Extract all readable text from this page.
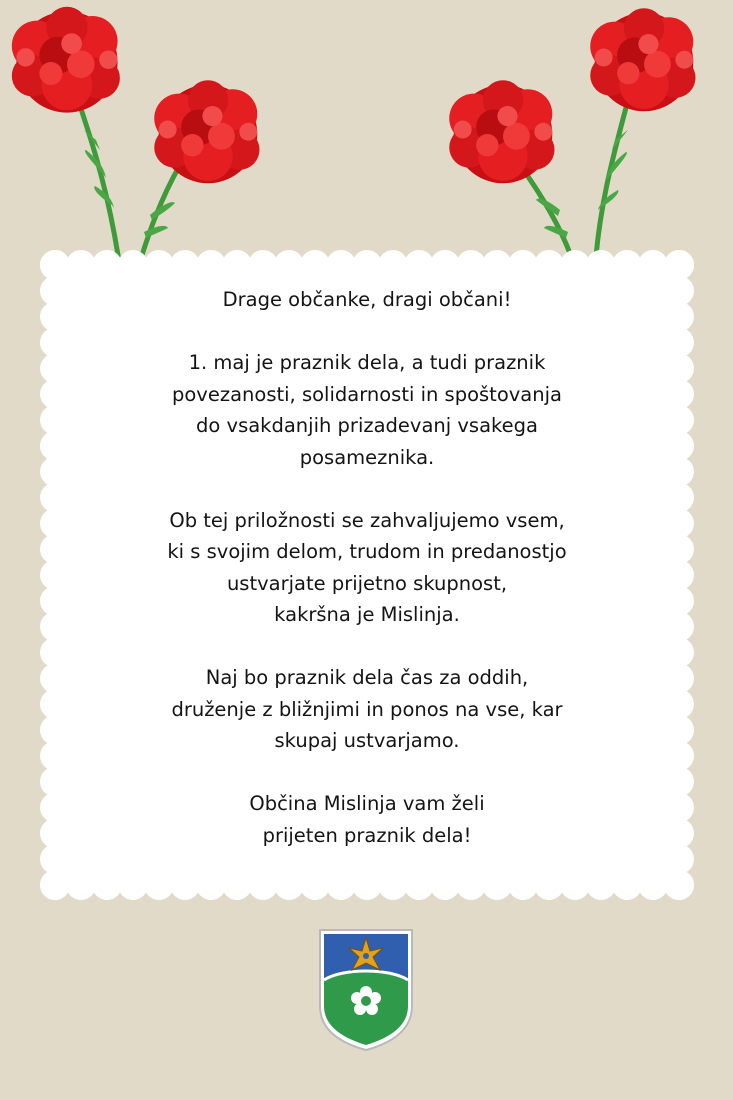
Drage občanke, dragi občani!

1. maj je praznik dela, a tudi praznik
povezanosti, solidarnosti in spoštovanja
do vsakdanjih prizadevanj vsakega
posameznika.

Ob tej priložnosti se zahvaljujemo vsem,
ki s svojim delom, trudom in predanostjo
ustvarjate prijetno skupnost,
kakršna je Mislinja.

Naj bo praznik dela čas za oddih,
druženje z bližnjimi in ponos na vse, kar
skupaj ustvarjamo.

Občina Mislinja vam želi
prijeten praznik dela!
